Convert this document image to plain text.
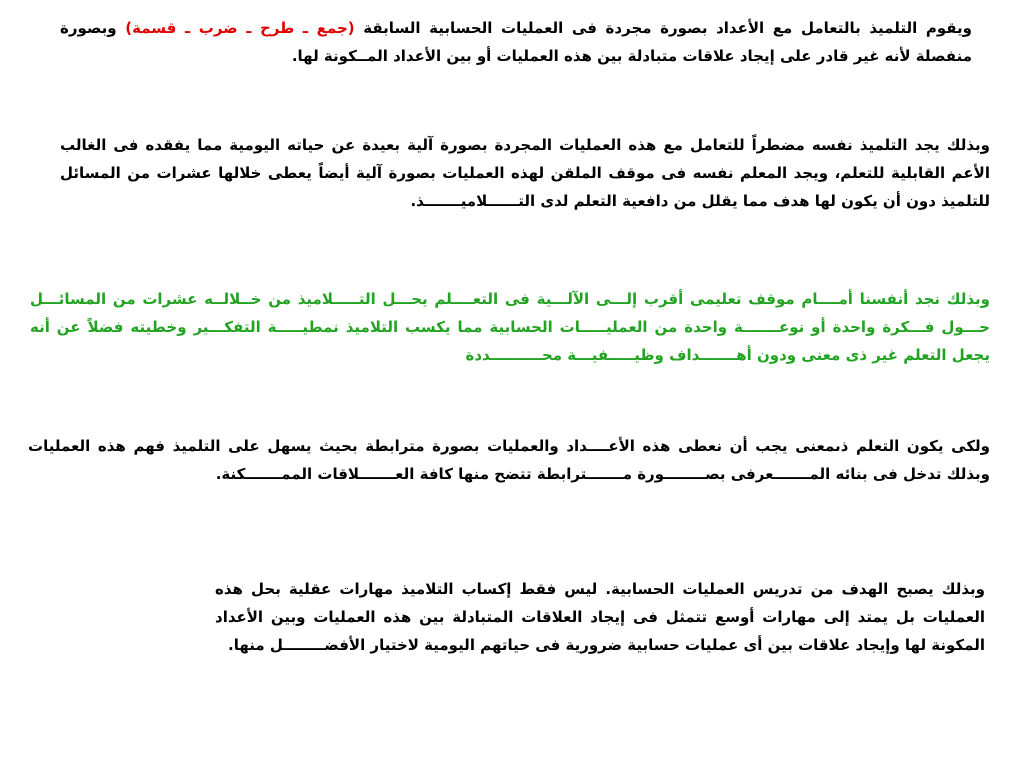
ويقوم التلميذ بالتعامل مع الأعداد بصورة مجردة فى العمليات الحسابية السابقة (جمع ـ طرح ـ ضرب ـ قسمة) وبصورة منفصلة لأنه غير قادر على إيجاد علاقات متبادلة بين هذه العمليات أو بين الأعداد المــكونة لها.

وبذلك يجد التلميذ نفسه مضطراً للتعامل مع هذه العمليات المجردة بصورة آلية بعيدة عن حياته اليومية مما يفقده فى الغالب الأعم القابلية للتعلم، ويجد المعلم نفسه فى موقف الملقن لهذه العمليات بصورة آلية أيضاً يعطى خلالها عشرات من المسائل للتلميذ دون أن يكون لها هدف مما يقلل من دافعية التعلم لدى التــــــلاميـــــــذ.

وبذلك نجد أنفسنا أمــــام موقف تعليمى أقرب إلـــى الآلـــية فى التعــــلم يحـــل التـــــلاميذ من خــلالــه عشرات من المسائـــل حـــول فـــكرة واحدة أو نوعـــــــة واحدة من العمليـــــات الحسابية مما يكسب التلاميذ نمطيـــــة التفكـــير وخطيته فضلاً عن أنه يجعل التعلم غير ذى معنى ودون أهـــــــداف وظيـــــفيـــة محــــــــــددة

ولكى يكون التعلم ذىمعنى يجب أن نعطى هذه الأعــــداد والعمليات بصورة مترابطة بحيث يسهل على التلميذ فهم هذه العمليات وبذلك تدخل فى بنائه المـــــــعرفى بصــــــــورة مـــــــترابطة تتضح منها كافة العـــــــلاقات الممـــــــكنة.

وبذلك يصبح الهدف من تدريس العمليات الحسابية. ليس فقط إكساب التلاميذ مهارات عقلية بحل هذه العمليات بل يمتد إلى مهارات أوسع تتمثل فى إيجاد العلاقات المتبادلة بين هذه العمليات وبين الأعداد المكونة لها وإيجاد علاقات بين أى عمليات حسابية ضرورية فى حياتهم اليومية لاختيار الأفضــــــــل منها.
